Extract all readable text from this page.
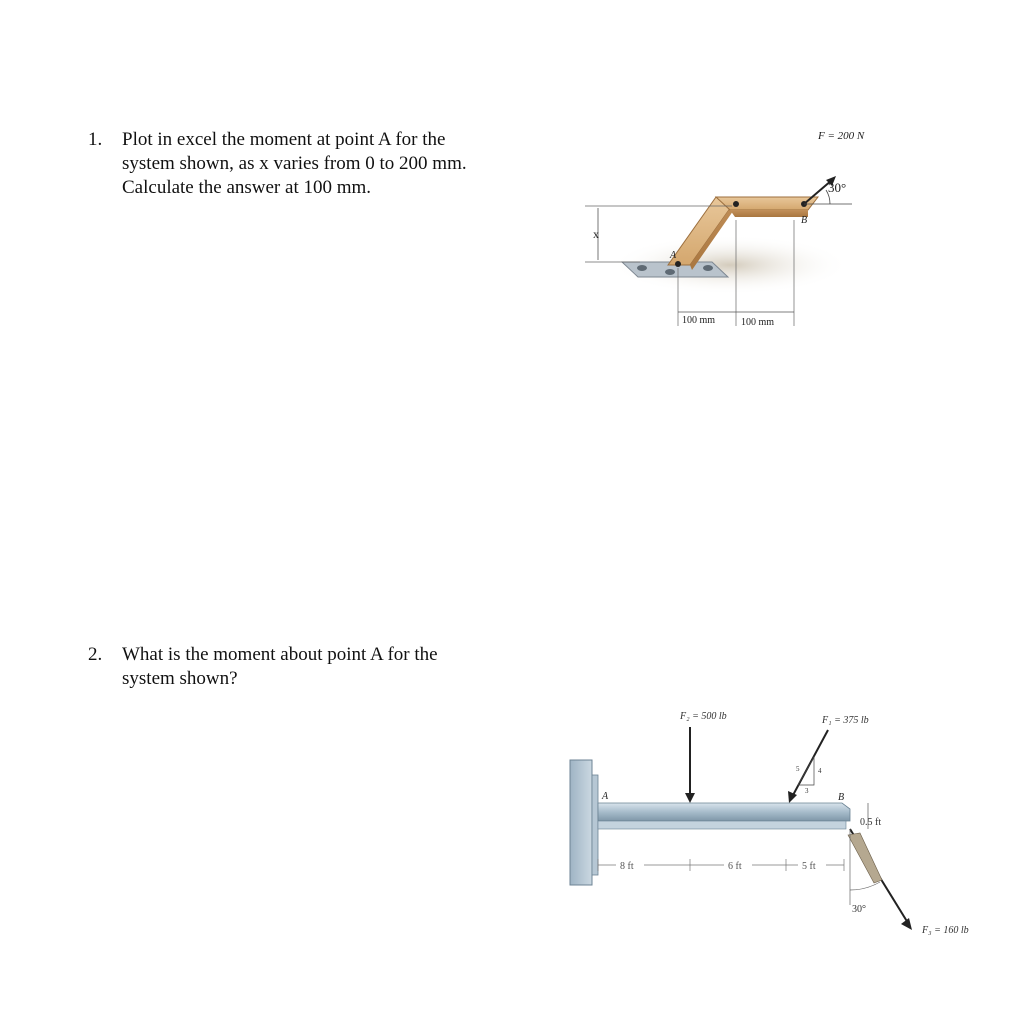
1.	Plot in excel the moment at point A for the
system shown, as x varies from 0 to 200 mm.
Calculate the answer at 100 mm.
A
B
F = 200 N
30°
x
100 mm	100 mm
2.	What is the moment about point A for the
system shown?
A	B
F₂ = 500 lb	F₁ = 375 lb
5	4
3
0.5 ft
30°
F₃ = 160 lb
8 ft	6 ft	5 ft
